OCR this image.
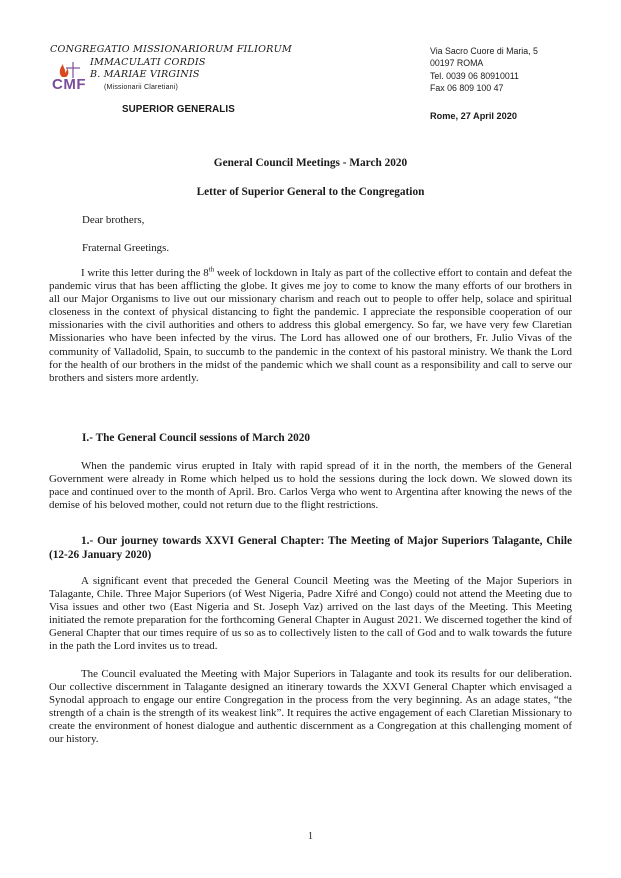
CONGREGATIO MISSIONARIORUM FILIORUM
IMMACULATI CORDIS
B. MARIAE VIRGINIS
(Missionarii Claretiani)
CMF
SUPERIOR GENERALIS
Via Sacro Cuore di Maria, 5
00197 ROMA
Tel. 0039 06 80910011
Fax 06 809 100 47
Rome, 27 April 2020
General Council Meetings - March 2020
Letter of Superior General to the Congregation
Dear brothers,
Fraternal Greetings.
I write this letter during the 8th week of lockdown in Italy as part of the collective effort to contain and defeat the pandemic virus that has been afflicting the globe. It gives me joy to come to know the many efforts of our brothers in all our Major Organisms to live out our missionary charism and reach out to people to offer help, solace and spiritual closeness in the context of physical distancing to fight the pandemic. I appreciate the responsible cooperation of our missionaries with the civil authorities and others to address this global emergency. So far, we have very few Claretian Missionaries who have been infected by the virus. The Lord has allowed one of our brothers, Fr. Julio Vivas of the community of Valladolid, Spain, to succumb to the pandemic in the context of his pastoral ministry. We thank the Lord for the health of our brothers in the midst of the pandemic which we shall count as a responsibility and call to serve our brothers and sisters more ardently.
I.- The General Council sessions of March 2020
When the pandemic virus erupted in Italy with rapid spread of it in the north, the members of the General Government were already in Rome which helped us to hold the sessions during the lock down. We slowed down its pace and continued over to the month of April. Bro. Carlos Verga who went to Argentina after knowing the news of the demise of his beloved mother, could not return due to the flight restrictions.
1.- Our journey towards XXVI General Chapter: The Meeting of Major Superiors Talagante, Chile (12-26 January 2020)
A significant event that preceded the General Council Meeting was the Meeting of the Major Superiors in Talagante, Chile. Three Major Superiors (of West Nigeria, Padre Xifré and Congo) could not attend the Meeting due to Visa issues and other two (East Nigeria and St. Joseph Vaz) arrived on the last days of the Meeting. This Meeting initiated the remote preparation for the forthcoming General Chapter in August 2021. We discerned together the kind of General Chapter that our times require of us so as to collectively listen to the call of God and to walk towards the future in the path the Lord invites us to tread.
The Council evaluated the Meeting with Major Superiors in Talagante and took its results for our deliberation. Our collective discernment in Talagante designed an itinerary towards the XXVI General Chapter which envisaged a Synodal approach to engage our entire Congregation in the process from the very beginning. As an adage states, “the strength of a chain is the strength of its weakest link”. It requires the active engagement of each Claretian Missionary to create the environment of honest dialogue and authentic discernment as a Congregation at this challenging moment of our history.
1
